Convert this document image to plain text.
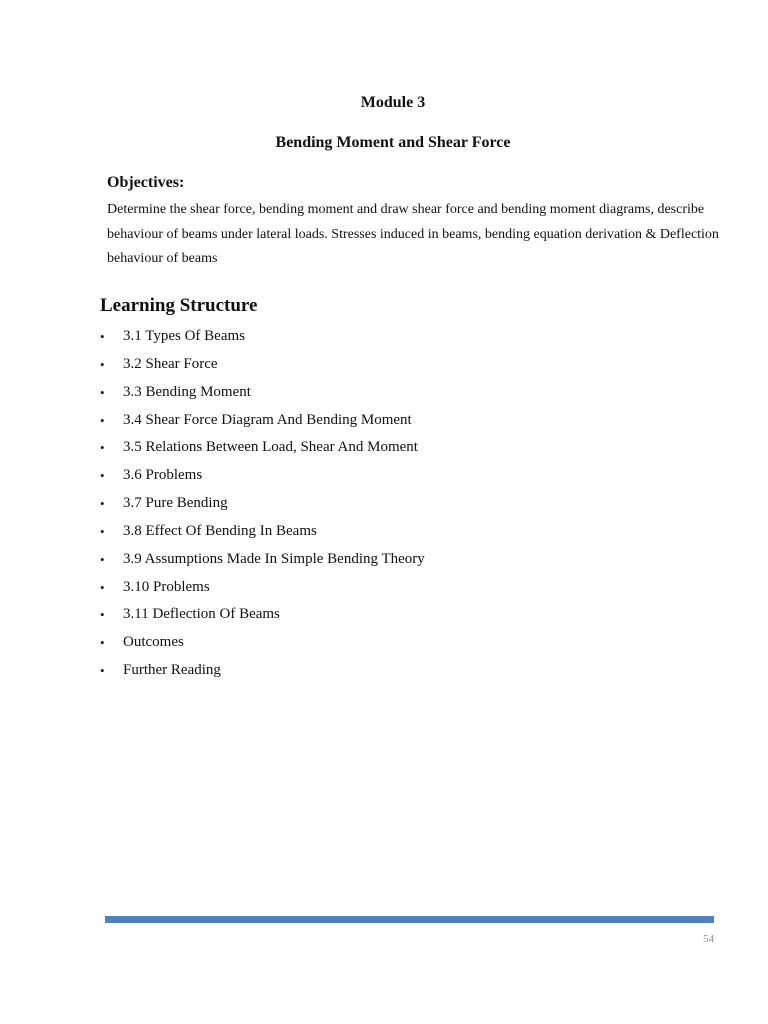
Module 3
Bending Moment and Shear Force
Objectives:
Determine the shear force, bending moment and draw shear force and bending moment diagrams, describe
behaviour of beams under lateral loads. Stresses induced in beams, bending equation derivation & Deflection
behaviour of beams
Learning Structure
• 3.1 Types Of Beams
• 3.2 Shear Force
• 3.3 Bending Moment
• 3.4 Shear Force Diagram And Bending Moment
• 3.5 Relations Between Load, Shear And Moment
• 3.6 Problems
• 3.7 Pure Bending
• 3.8 Effect Of Bending In Beams
• 3.9 Assumptions Made In Simple Bending Theory
• 3.10 Problems
• 3.11 Deflection Of Beams
• Outcomes
• Further Reading
54
